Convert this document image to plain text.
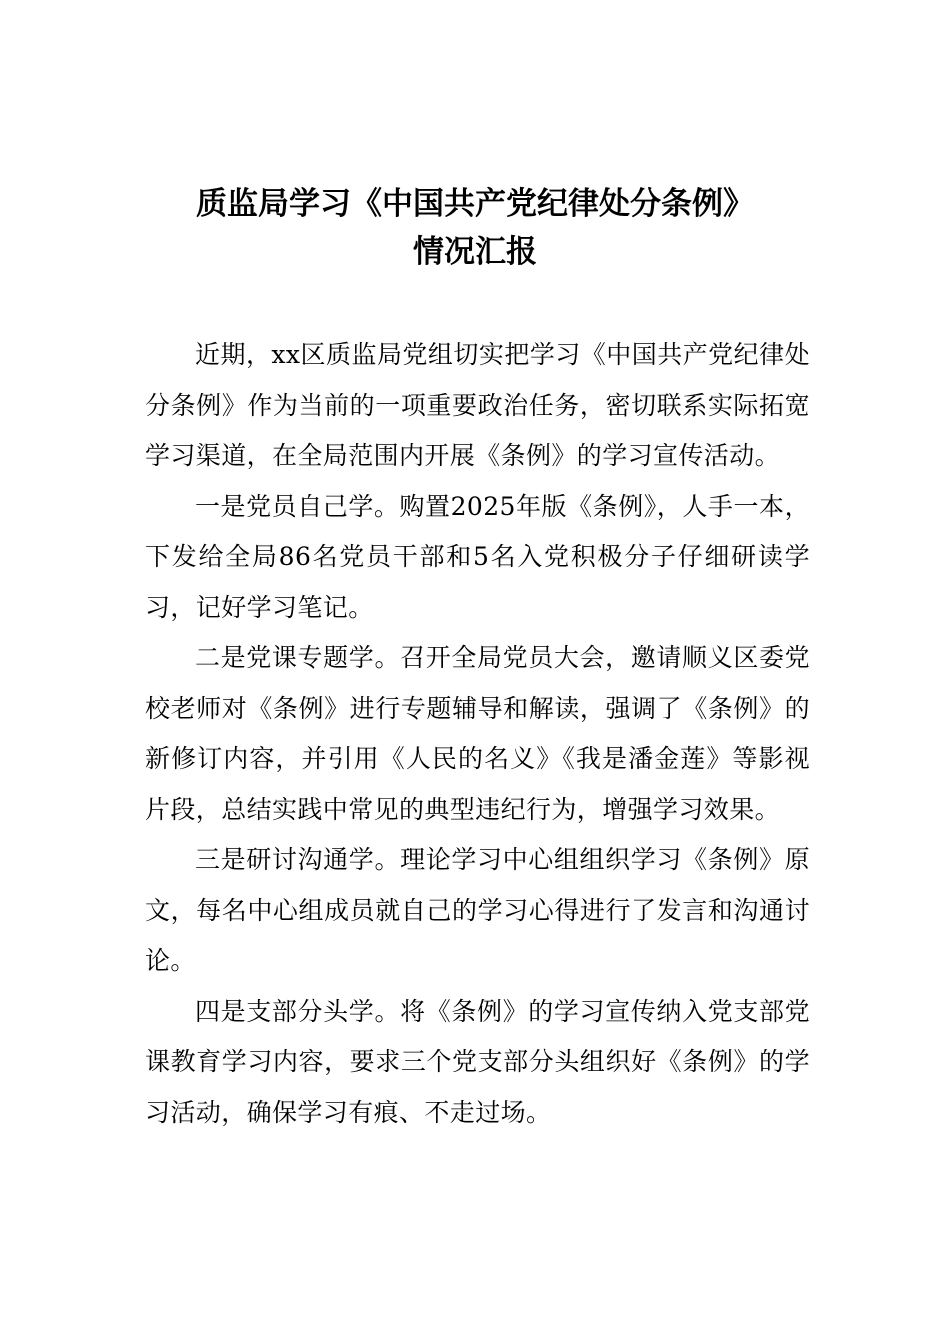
质监局学习《中国共产党纪律处分条例》
情况汇报

近期，xx区质监局党组切实把学习《中国共产党纪律处分条例》作为当前的一项重要政治任务，密切联系实际拓宽学习渠道，在全局范围内开展《条例》的学习宣传活动。

一是党员自己学。购置2025年版《条例》，人手一本，下发给全局86名党员干部和5名入党积极分子仔细研读学习，记好学习笔记。

二是党课专题学。召开全局党员大会，邀请顺义区委党校老师对《条例》进行专题辅导和解读，强调了《条例》的新修订内容，并引用《人民的名义》《我是潘金莲》等影视片段，总结实践中常见的典型违纪行为，增强学习效果。

三是研讨沟通学。理论学习中心组组织学习《条例》原文，每名中心组成员就自己的学习心得进行了发言和沟通讨论。

四是支部分头学。将《条例》的学习宣传纳入党支部党课教育学习内容，要求三个党支部分头组织好《条例》的学习活动，确保学习有痕、不走过场。
